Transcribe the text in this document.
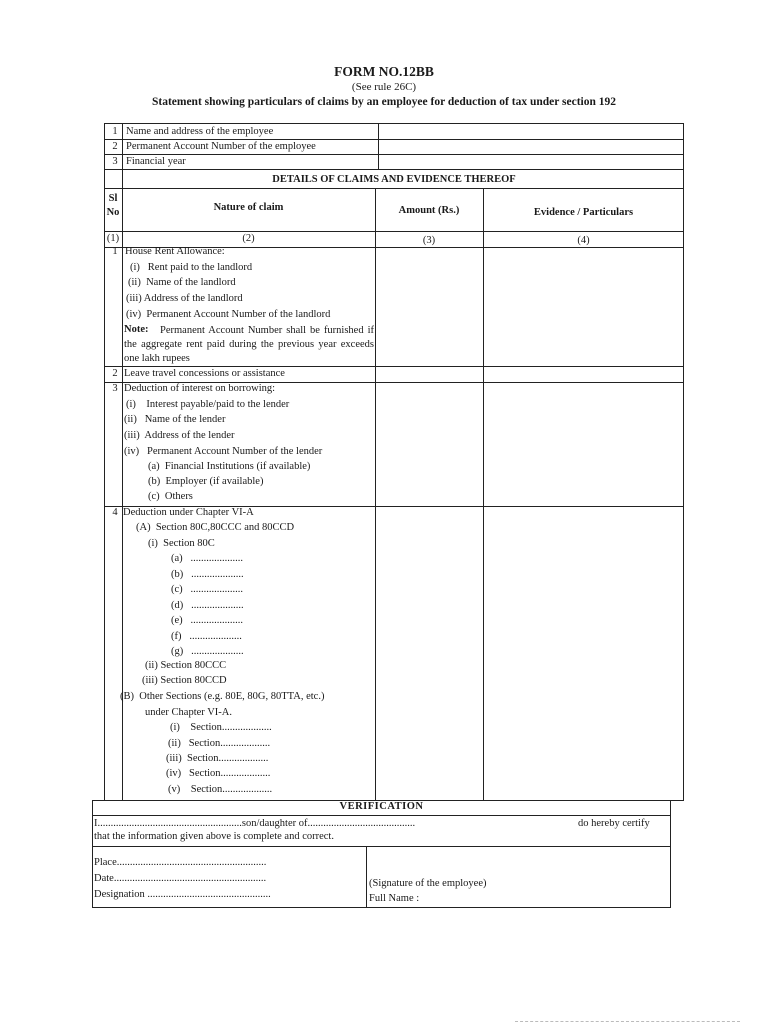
FORM NO.12BB
(See rule 26C)
Statement showing particulars of claims by an employee for deduction of tax under section 192
1 Name and address of the employee
2 Permanent Account Number of the employee
3 Financial year
DETAILS OF CLAIMS AND EVIDENCE THEREOF
Sl
No	Nature of claim	Amount (Rs.)	Evidence / Particulars
(1)	(2)	(3)	(4)
1 House Rent Allowance:
(i)   Rent paid to the landlord
(ii)  Name of the landlord
(iii) Address of the landlord
(iv)  Permanent Account Number of the landlord
Note:	Permanent Account Number shall be furnished if the aggregate rent paid during the previous year exceeds one lakh rupees
2 Leave travel concessions or assistance
3 Deduction of interest on borrowing:
(i)    Interest payable/paid to the lender
(ii)   Name of the lender
(iii)  Address of the lender
(iv)   Permanent Account Number of the lender
(a)  Financial Institutions (if available)
(b)  Employer (if available)
(c)  Others
4 Deduction under Chapter VI-A
(A)  Section 80C,80CCC and 80CCD
(i)  Section 80C
(a)   ....................
(b)   ....................
(c)   ....................
(d)   ....................
(e)   ....................
(f)   ....................
(g)   ....................
(ii) Section 80CCC
(iii) Section 80CCD
(B)  Other Sections (e.g. 80E, 80G, 80TTA, etc.)
under Chapter VI-A.
(i)    Section...................
(ii)   Section...................
(iii)  Section...................
(iv)   Section...................
(v)    Section...................
VERIFICATION
I.......................................................son/daughter of.........................................	do hereby certify
that the information given above is complete and correct.
Place.........................................................
Date..........................................................
Designation ...............................................
(Signature of the employee)
Full Name :
